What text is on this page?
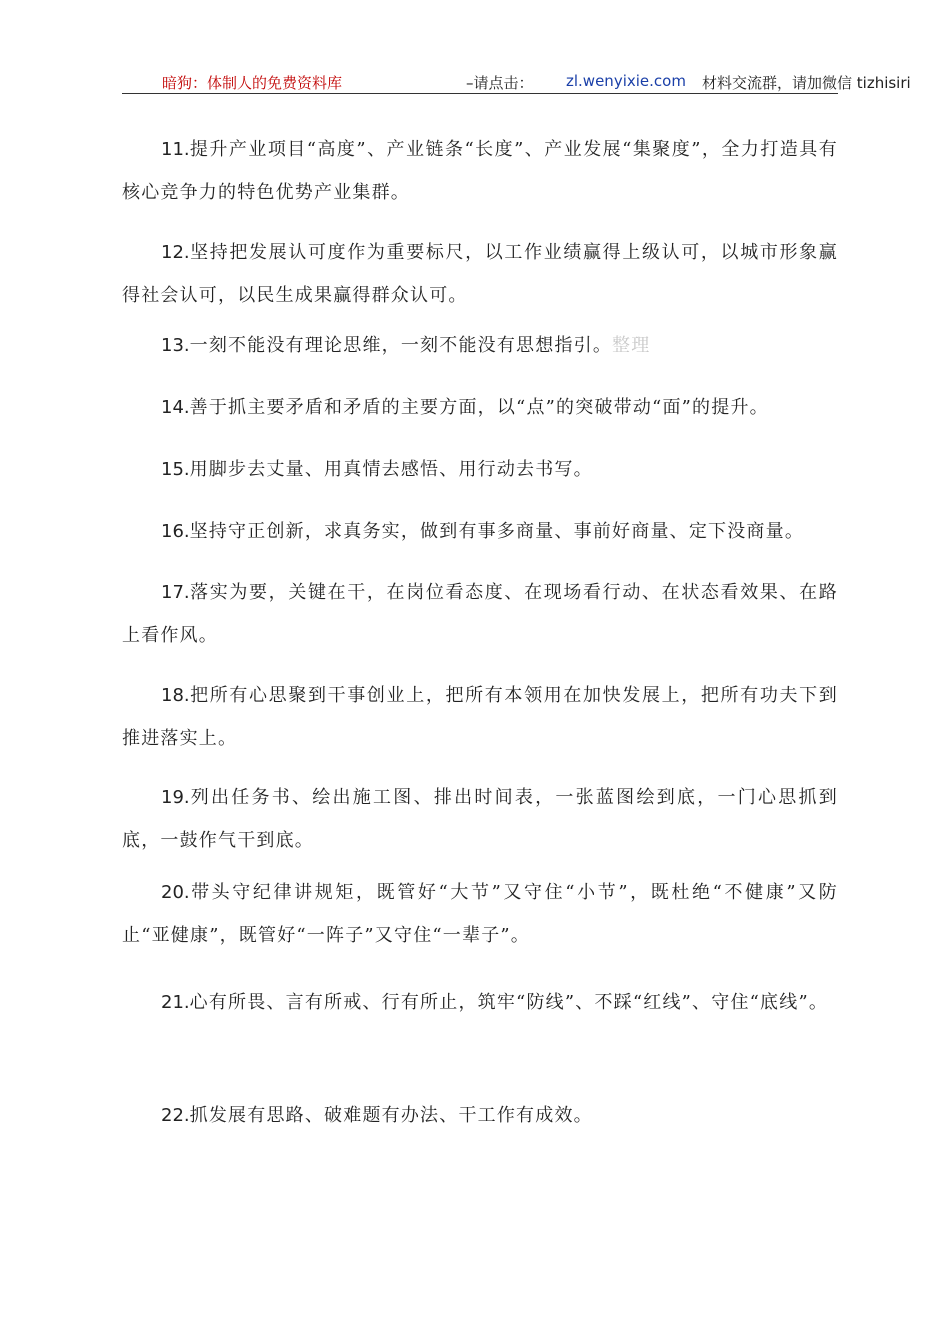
暗狗：体制人的免费资料库	–请点击： zl.wenyixie.com 材料交流群，请加微信 tizhisiri

11.提升产业项目“高度”、产业链条“长度”、产业发展“集聚度”，全力打造具有核心竞争力的特色优势产业集群。

12.坚持把发展认可度作为重要标尺，以工作业绩赢得上级认可，以城市形象赢得社会认可，以民生成果赢得群众认可。

13.一刻不能没有理论思维，一刻不能没有思想指引。整理

14.善于抓主要矛盾和矛盾的主要方面，以“点”的突破带动“面”的提升。

15.用脚步去丈量、用真情去感悟、用行动去书写。

16.坚持守正创新，求真务实，做到有事多商量、事前好商量、定下没商量。

17.落实为要，关键在干，在岗位看态度、在现场看行动、在状态看效果、在路上看作风。

18.把所有心思聚到干事创业上，把所有本领用在加快发展上，把所有功夫下到推进落实上。

19.列出任务书、绘出施工图、排出时间表，一张蓝图绘到底，一门心思抓到底，一鼓作气干到底。

20.带头守纪律讲规矩，既管好“大节”又守住“小节”，既杜绝“不健康”又防止“亚健康”，既管好“一阵子”又守住“一辈子”。

21.心有所畏、言有所戒、行有所止，筑牢“防线”、不踩“红线”、守住“底线”。

22.抓发展有思路、破难题有办法、干工作有成效。
